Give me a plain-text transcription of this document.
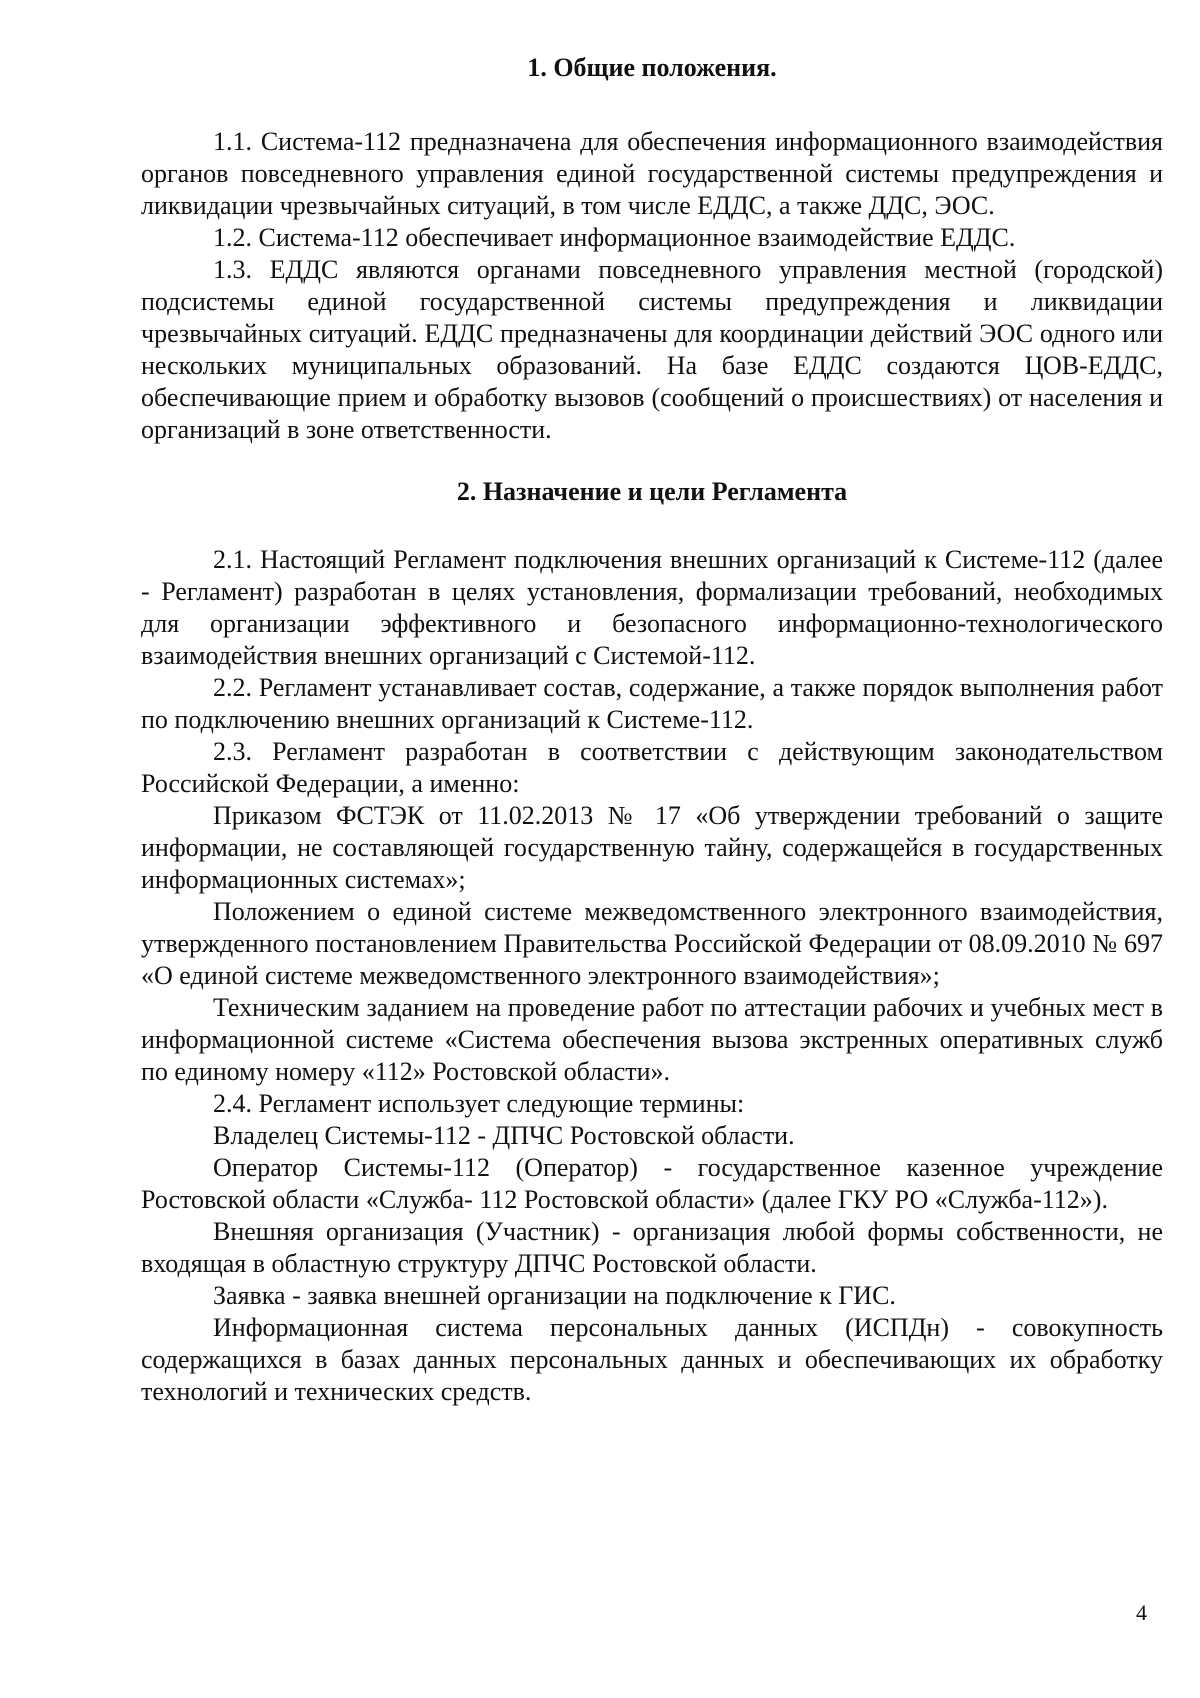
1. Общие положения.

1.1. Система-112 предназначена для обеспечения информационного взаимодействия органов повседневного управления единой государственной системы предупреждения и ликвидации чрезвычайных ситуаций, в том числе ЕДДС, а также ДДС, ЭОС.

1.2. Система-112 обеспечивает информационное взаимодействие ЕДДС.

1.3. ЕДДС являются органами повседневного управления местной (городской) подсистемы единой государственной системы предупреждения и ликвидации чрезвычайных ситуаций. ЕДДС предназначены для координации действий ЭОС одного или нескольких муниципальных образований. На базе ЕДДС создаются ЦОВ-ЕДДС, обеспечивающие прием и обработку вызовов (сообщений о происшествиях) от населения и организаций в зоне ответственности.

2. Назначение и цели Регламента

2.1. Настоящий Регламент подключения внешних организаций к Системе-112 (далее - Регламент) разработан в целях установления, формализации требований, необходимых для организации эффективного и безопасного информационно-технологического взаимодействия внешних организаций с Системой-112.

2.2. Регламент устанавливает состав, содержание, а также порядок выполнения работ по подключению внешних организаций к Системе-112.

2.3. Регламент разработан в соответствии с действующим законодательством Российской Федерации, а именно:

Приказом ФСТЭК от 11.02.2013 № 17 «Об утверждении требований о защите информации, не составляющей государственную тайну, содержащейся в государственных информационных системах»;

Положением о единой системе межведомственного электронного взаимодействия, утвержденного постановлением Правительства Российской Федерации от 08.09.2010 № 697 «О единой системе межведомственного электронного взаимодействия»;

Техническим заданием на проведение работ по аттестации рабочих и учебных мест в информационной системе «Система обеспечения вызова экстренных оперативных служб по единому номеру «112» Ростовской области».

2.4. Регламент использует следующие термины:

Владелец Системы-112 - ДПЧС Ростовской области.

Оператор Системы-112 (Оператор) - государственное казенное учреждение Ростовской области «Служба- 112 Ростовской области» (далее ГКУ РО «Служба-112»).

Внешняя организация (Участник) - организация любой формы собственности, не входящая в областную структуру ДПЧС Ростовской области.

Заявка - заявка внешней организации на подключение к ГИС.

Информационная система персональных данных (ИСПДн) - совокупность содержащихся в базах данных персональных данных и обеспечивающих их обработку технологий и технических средств.

4
